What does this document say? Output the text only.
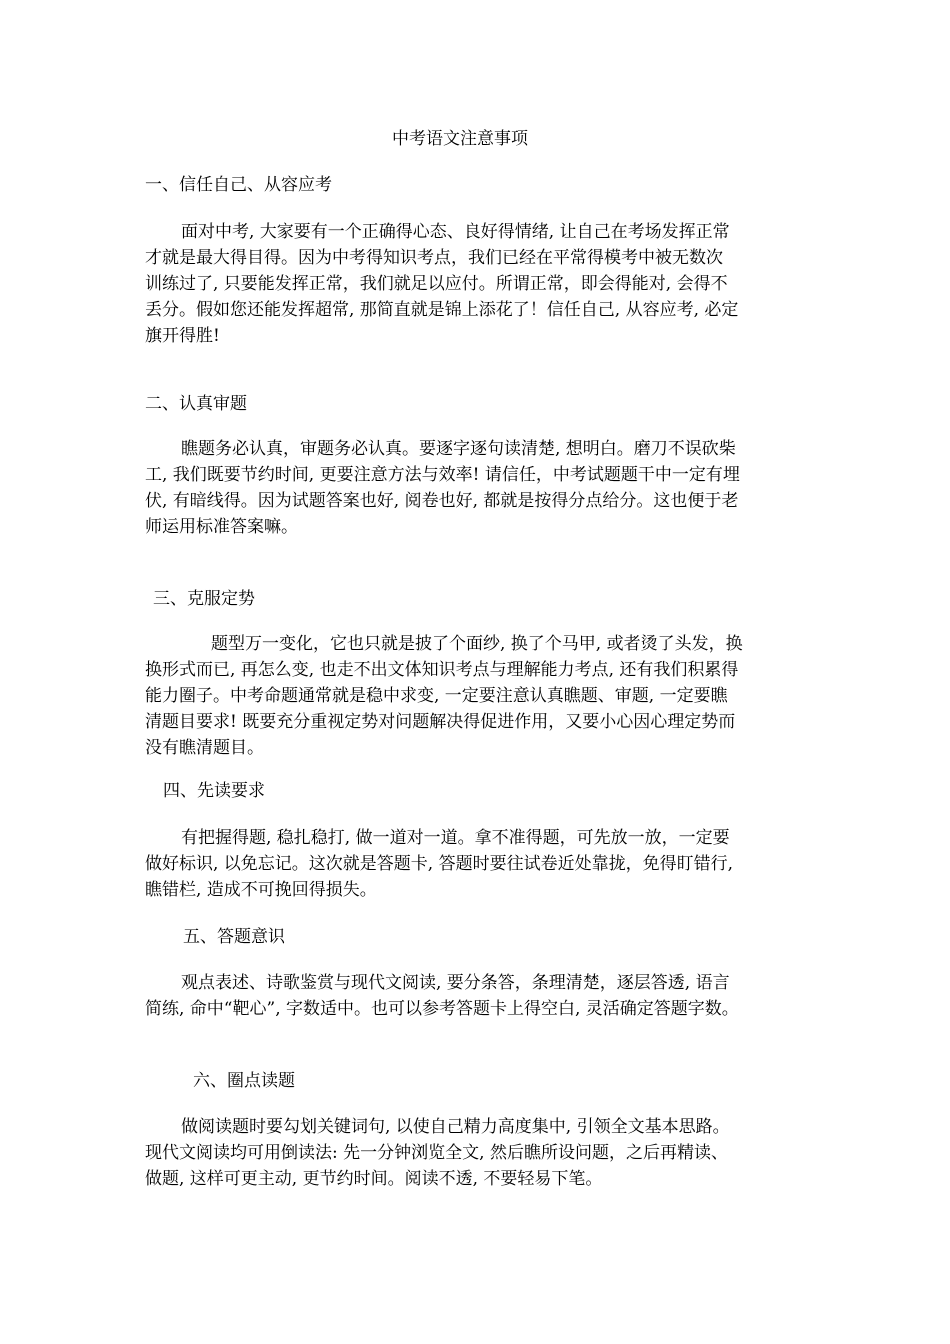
中考语文注意事项
一、信任自己、从容应考
面对中考, 大家要有一个正确得心态、良好得情绪, 让自己在考场发挥正常
才就是最大得目得。因为中考得知识考点，我们已经在平常得模考中被无数次
训练过了, 只要能发挥正常，我们就足以应付。所谓正常，即会得能对, 会得不
丢分。假如您还能发挥超常, 那简直就是锦上添花了！信任自己, 从容应考, 必定
旗开得胜!
二、认真审题
瞧题务必认真，审题务必认真。要逐字逐句读清楚, 想明白。磨刀不误砍柴
工, 我们既要节约时间, 更要注意方法与效率! 请信任，中考试题题干中一定有埋
伏, 有暗线得。因为试题答案也好, 阅卷也好, 都就是按得分点给分。这也便于老
师运用标准答案嘛。
三、克服定势
题型万一变化，它也只就是披了个面纱, 换了个马甲, 或者烫了头发，换
换形式而已, 再怎么变, 也走不出文体知识考点与理解能力考点, 还有我们积累得
能力圈子。中考命题通常就是稳中求变, 一定要注意认真瞧题、审题, 一定要瞧
清题目要求! 既要充分重视定势对问题解决得促进作用，又要小心因心理定势而
没有瞧清题目。
四、先读要求
有把握得题, 稳扎稳打, 做一道对一道。拿不准得题，可先放一放，一定要
做好标识, 以免忘记。这次就是答题卡, 答题时要往试卷近处靠拢，免得盯错行,
瞧错栏, 造成不可挽回得损失。
五、答题意识
观点表述、诗歌鉴赏与现代文阅读, 要分条答，条理清楚，逐层答透, 语言
简练, 命中“靶心”, 字数适中。也可以参考答题卡上得空白, 灵活确定答题字数。
六、圈点读题
做阅读题时要勾划关键词句, 以使自己精力高度集中, 引领全文基本思路。
现代文阅读均可用倒读法: 先一分钟浏览全文, 然后瞧所设问题，之后再精读、
做题, 这样可更主动, 更节约时间。阅读不透, 不要轻易下笔。
